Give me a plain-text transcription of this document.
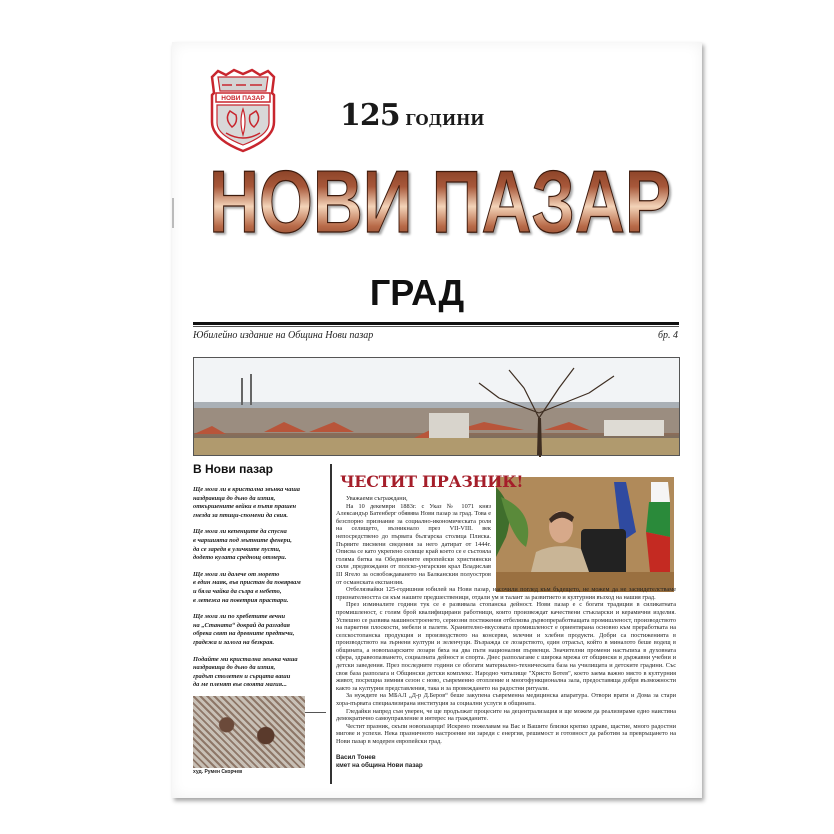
НОВИ ПАЗАР	125 години
НОВИ ПАЗАР
ГРАД
Юбилейно издание на Община Нови пазар	бр. 4
В Нови пазар
Ще мога ли в кристална звънка чаша
наздравица до дъно да изпия,
откършените вейки в пътя прашен
гнезда за птици-спомени да свия.
Ще мога ли кепенците да спусна
в чаршията под мътните фенери,
да се заредя в уличките пусти,
додето кулата среднощ отмери.
Ще мога ли далече от морето
в един маяк, във пристан да повярвам
и бяла чайка да съзра в небето,
в летежа на поветрия прастари.
Ще мога ли по хребетите вечни
на „Станата“ докрай да разгадая
обрeка свят на древните предтечи,
градежа и залога на безкрая.
Подайте ми кристална звънка чаша
наздравица до дъно да изпия,
градът столетен и сърцата ваши
да ме пленят във своята магия...
худ. Румен Скорчев
ЧЕСТИТ ПРАЗНИК!

Уважаеми съграждани,

На 10 декември 1883г. с Указ № 1071 княз Александър Батенберг обявява Нови пазар за град. Това е безспорно признание за социално-икономическата роля на селището, възникнало през VII-VIII. век непосредствено до първата българска столица Плиска. Първите писмени сведения за него датират от 1444г. Описва се като укрепено селище край което се е състояла голяма битка на Обединените европейски християнски сили ,предвождани от полско-унгарския крал Владислав III Ягело за освобождаването на Балканския полуостров от османската експанзия.

Отбелязвайки 125-годишния юбилей на Нови пазар, насочили поглед към бъдещето, не можем да не засвидетелстваме признателността си към нашите предшественици, отдали ум и талант за развитието и културния възход на нашия град.

През изминалите години тук се е развивала стопанска дейност. Нови пазар е с богати традиции в силикатната промишленост, с голям брой квалифицирани работници, които произвеждат качествени стъкларски и керамични изделия. Успешно се развива машиностроенето, сериозни постижения отбелязва дървопреработващата промишленост, производството на паркетни плоскости, мебели и палети. Хранително-вкусовата промишленост е ориентирана основно към преработката на селскостопанска продукция и производството на консерви, млечни и хлебни продукти. Добри са постиженията в производството на зърнени култури и зеленчуци. Възражда се лозарството, един отрасъл, който в миналото беше водещ в общината, а новопазарските лозари бяха на два пъти национални първенци. Значителни промени настъпиха в духовната сфера, здравеопазването, социалната дейност и спорта. Днес разполагаме с широка мрежа от общински и държавни учебни и детски заведения. През последните години се обогати материално-техническата база на училищата и детските градини. Със своя база разполага и Общински детски комплекс. Народно читалище "Христо Ботев", което заема важно място в културния живот, посрещна зимния сезон с ново, съвременно отопление и многофункционална зала, предоставяща добри възможности както за културни представления, така и за провеждането на радостни ритуали.

За нуждите на МБАЛ „Д-р Д.Беров“ беше закупена съвременна медицинска апаратура. Отвори врати и Дома за стари хора-първата специализирана институция за социални услуги в общината.

Гледайки напред съм уверен, че ще продължат процесите на децентрализация и ще можем да реализираме едно наистина демократично самоуправление в интерес на гражданите.

Честит празник, скъпи новопазарци! Искрено пожелавам на Вас и Вашите близки крепко здраве, щастие, много радостни мигове и успехи. Нека празничното настроение ни зареди с енергия, решимост и готовност да работим за превръщането на Нови пазар в модерен европейски град.

Васил Тонев
кмет на община Нови пазар
